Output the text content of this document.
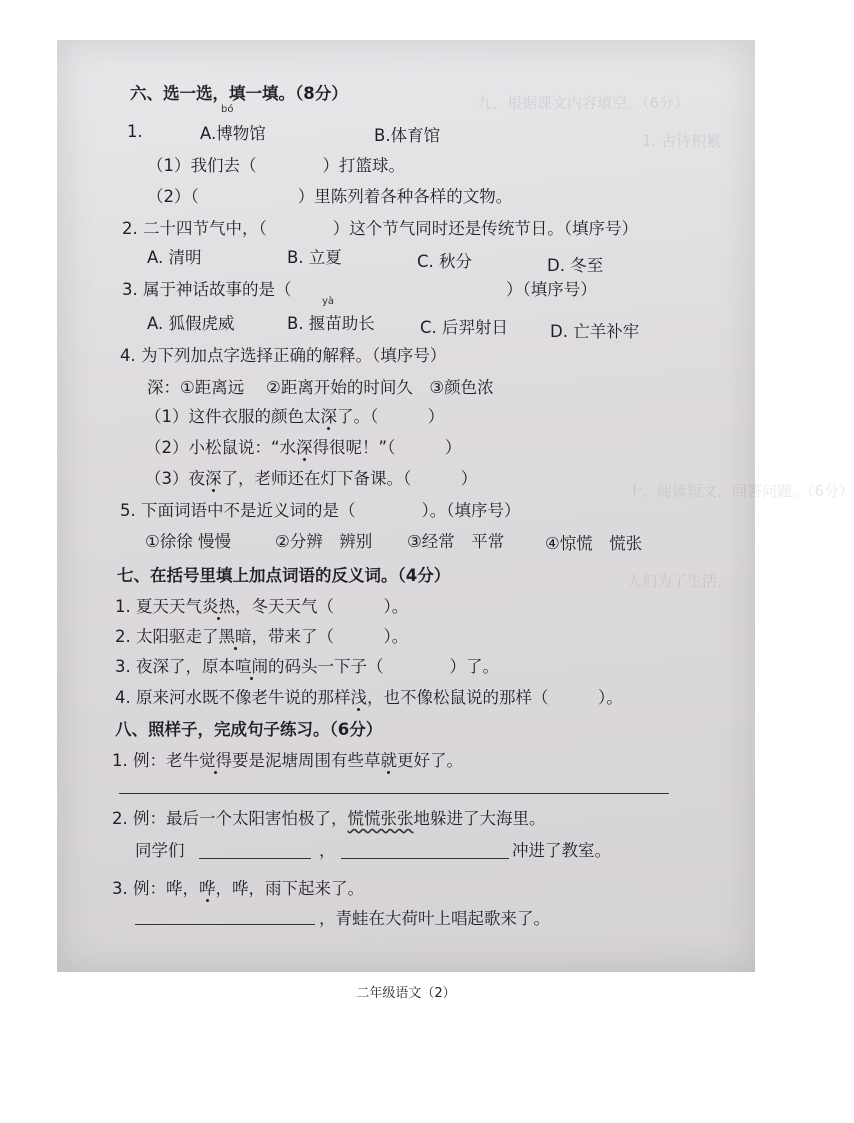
九、根据课文内容填空。（6分）
1. 古诗积累
十、阅读短文，回答问题。（6分）
人们为了生活，
六、选一选，填一填。（8分）
1.
bó
A.博物馆	B.体育馆
（1）我们去（　　　　）打篮球。
（2）（　　　　　　）里陈列着各种各样的文物。
2. 二十四节气中，（　　　　）这个节气同时还是传统节日。（填序号）
A. 清明	B. 立夏	C. 秋分	D. 冬至
3. 属于神话故事的是（　　　　　　　　　　　　　）（填序号）
A. 狐假虎威
yà
B. 揠苗助长	C. 后羿射日	D. 亡羊补牢
4. 为下列加点字选择正确的解释。（填序号）
深：①距离远　 ②距离开始的时间久　③颜色浓
（1）这件衣服的颜色太深了。（　　　）
（2）小松鼠说：“水深得很呢！”（　　　）
（3）夜深了，老师还在灯下备课。（　　　）
5. 下面词语中不是近义词的是（　　　　）。（填序号）
①徐徐 慢慢	②分辨　辨别 ③经常　平常 ④惊慌　慌张
七、在括号里填上加点词语的反义词。（4分）
1. 夏天天气炎热，冬天天气（　　　）。
2. 太阳驱走了黑暗，带来了（　　　）。
3. 夜深了，原本喧闹的码头一下子（　　　　）了。
4. 原来河水既不像老牛说的那样浅，也不像松鼠说的那样（　　　）。
八、照样子，完成句子练习。（6分）
1. 例：老牛觉得要是泥塘周围有些草就更好了。
2. 例：最后一个太阳害怕极了，慌慌张张地躲进了大海里。
同学们	，	冲进了教室。
3. 例：哗，哗，哗，雨下起来了。
，青蛙在大荷叶上唱起歌来了。
二年级语文（2）
